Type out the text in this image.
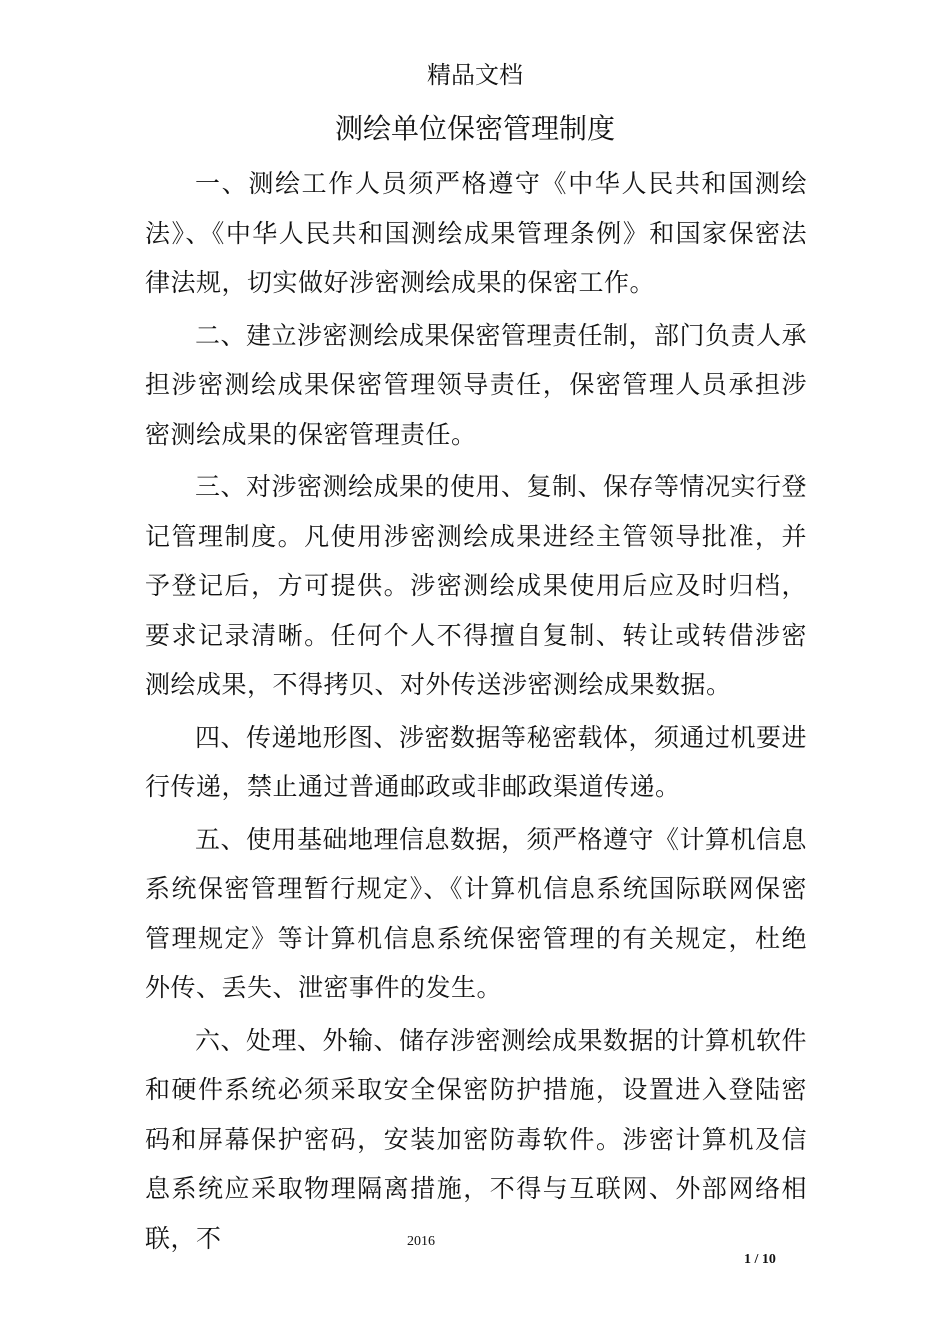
精品文档
测绘单位保密管理制度

一、测绘工作人员须严格遵守《中华人民共和国测绘法》、《中华人民共和国测绘成果管理条例》和国家保密法律法规，切实做好涉密测绘成果的保密工作。

二、建立涉密测绘成果保密管理责任制，部门负责人承担涉密测绘成果保密管理领导责任，保密管理人员承担涉密测绘成果的保密管理责任。

三、对涉密测绘成果的使用、复制、保存等情况实行登记管理制度。凡使用涉密测绘成果进经主管领导批准，并予登记后，方可提供。涉密测绘成果使用后应及时归档，要求记录清晰。任何个人不得擅自复制、转让或转借涉密测绘成果，不得拷贝、对外传送涉密测绘成果数据。

四、传递地形图、涉密数据等秘密载体，须通过机要进行传递，禁止通过普通邮政或非邮政渠道传递。

五、使用基础地理信息数据，须严格遵守《计算机信息系统保密管理暂行规定》、《计算机信息系统国际联网保密管理规定》等计算机信息系统保密管理的有关规定，杜绝外传、丢失、泄密事件的发生。

六、处理、外输、储存涉密测绘成果数据的计算机软件和硬件系统必须采取安全保密防护措施，设置进入登陆密码和屏幕保护密码，安装加密防毒软件。涉密计算机及信息系统应采取物理隔离措施，不得与互联网、外部网络相联，不	2016
1 / 10
